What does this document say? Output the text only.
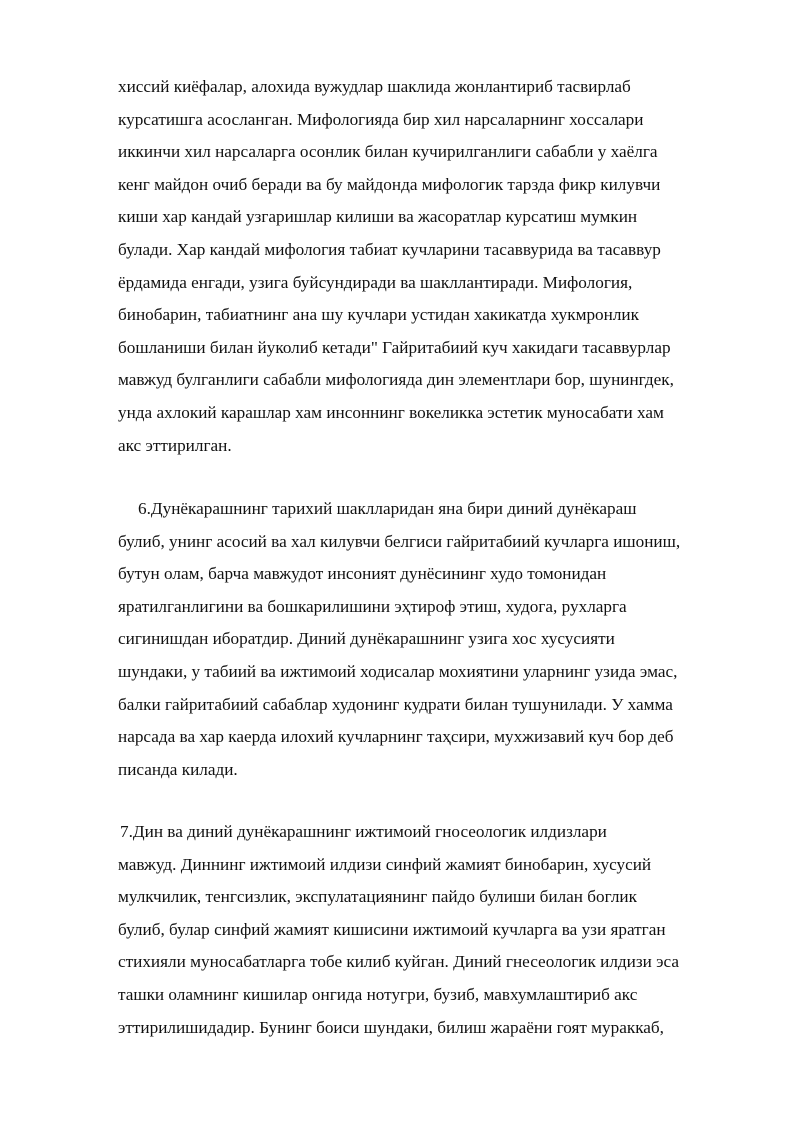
хиссий киёфалар, алохида вужудлар шаклида жонлантириб тасвирлаб
курсатишга асосланган. Мифологияда бир хил нарсаларнинг хоссалари
иккинчи хил нарсаларга осонлик билан кучирилганлиги сабабли у хаёлга
кенг майдон очиб беради ва бу майдонда мифологик тарзда фикр килувчи
киши хар кандай узгаришлар килиши ва жасоратлар курсатиш мумкин
булади. Хар кандай мифология табиат кучларини тасаввурида ва тасаввур
ёрдамида енгади, узига буйсундиради ва шакллантиради. Мифология,
бинобарин, табиатнинг ана шу кучлари устидан хакикатда хукмронлик
бошланиши билан йуколиб кетади" Гайритабиий куч хакидаги тасаввурлар
мавжуд булганлиги сабабли мифологияда дин элементлари бор, шунингдек,
унда ахлокий карашлар хам инсоннинг вокеликка эстетик муносабати хам
акс эттирилган.
6.Дунёкарашнинг тарихий шаклларидан яна бири диний дунёкараш
булиб, унинг асосий ва хал килувчи белгиси гайритабиий кучларга ишониш,
бутун олам, барча мавжудот инсоният дунёсининг худо томонидан
яратилганлигини ва бошкарилишини эҳтироф этиш, худога, рухларга
сигинишдан иборатдир. Диний дунёкарашнинг узига хос хусусияти
шундаки, у табиий ва ижтимоий ходисалар мохиятини уларнинг узида эмас,
балки гайритабиий сабаблар худонинг кудрати билан тушунилади. У хамма
нарсада ва хар каерда илохий кучларнинг таҳсири, мухжизавий куч бор деб
писанда килади.
7.Дин ва диний дунёкарашнинг ижтимоий гносеологик илдизлари
мавжуд. Диннинг ижтимоий илдизи синфий жамият бинобарин, хусусий
мулкчилик, тенгсизлик, экспулатациянинг пайдо булиши билан боглик
булиб, булар синфий жамият кишисини ижтимоий кучларга ва узи яратган
стихияли муносабатларга тобе килиб куйган. Диний гнесеологик илдизи эса
ташки оламнинг кишилар онгида нотугри, бузиб, мавхумлаштириб акс
эттирилишидадир. Бунинг боиси шундаки, билиш жараёни гоят мураккаб,
